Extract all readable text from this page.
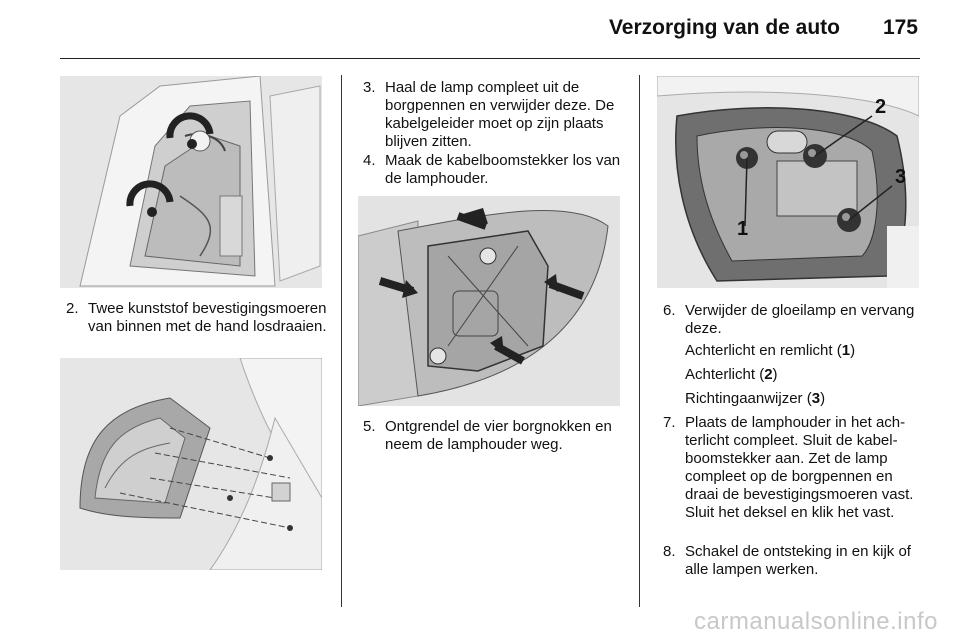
Verzorging van de auto 175
2. Twee kunststof bevestigingsmoeren van binnen met de hand losdraaien.
3. Haal de lamp compleet uit de borgpennen en verwijder deze. De kabelgeleider moet op zijn plaats blijven zitten.
4. Maak de kabelboomstekker los van de lamphouder.
5. Ontgrendel de vier borgnokken en neem de lamphouder weg.
1
2
3
6. Verwijder de gloeilamp en vervang deze.
Achterlicht en remlicht (1)
Achterlicht (2)
Richtingaanwijzer (3)
7. Plaats de lamphouder in het achterlicht compleet. Sluit de kabelboomstekker aan. Zet de lamp compleet op de borgpennen en draai de bevestigingsmoeren vast. Sluit het deksel en klik het vast.
8. Schakel de ontsteking in en kijk of alle lampen werken.
carmanualsonline.info
